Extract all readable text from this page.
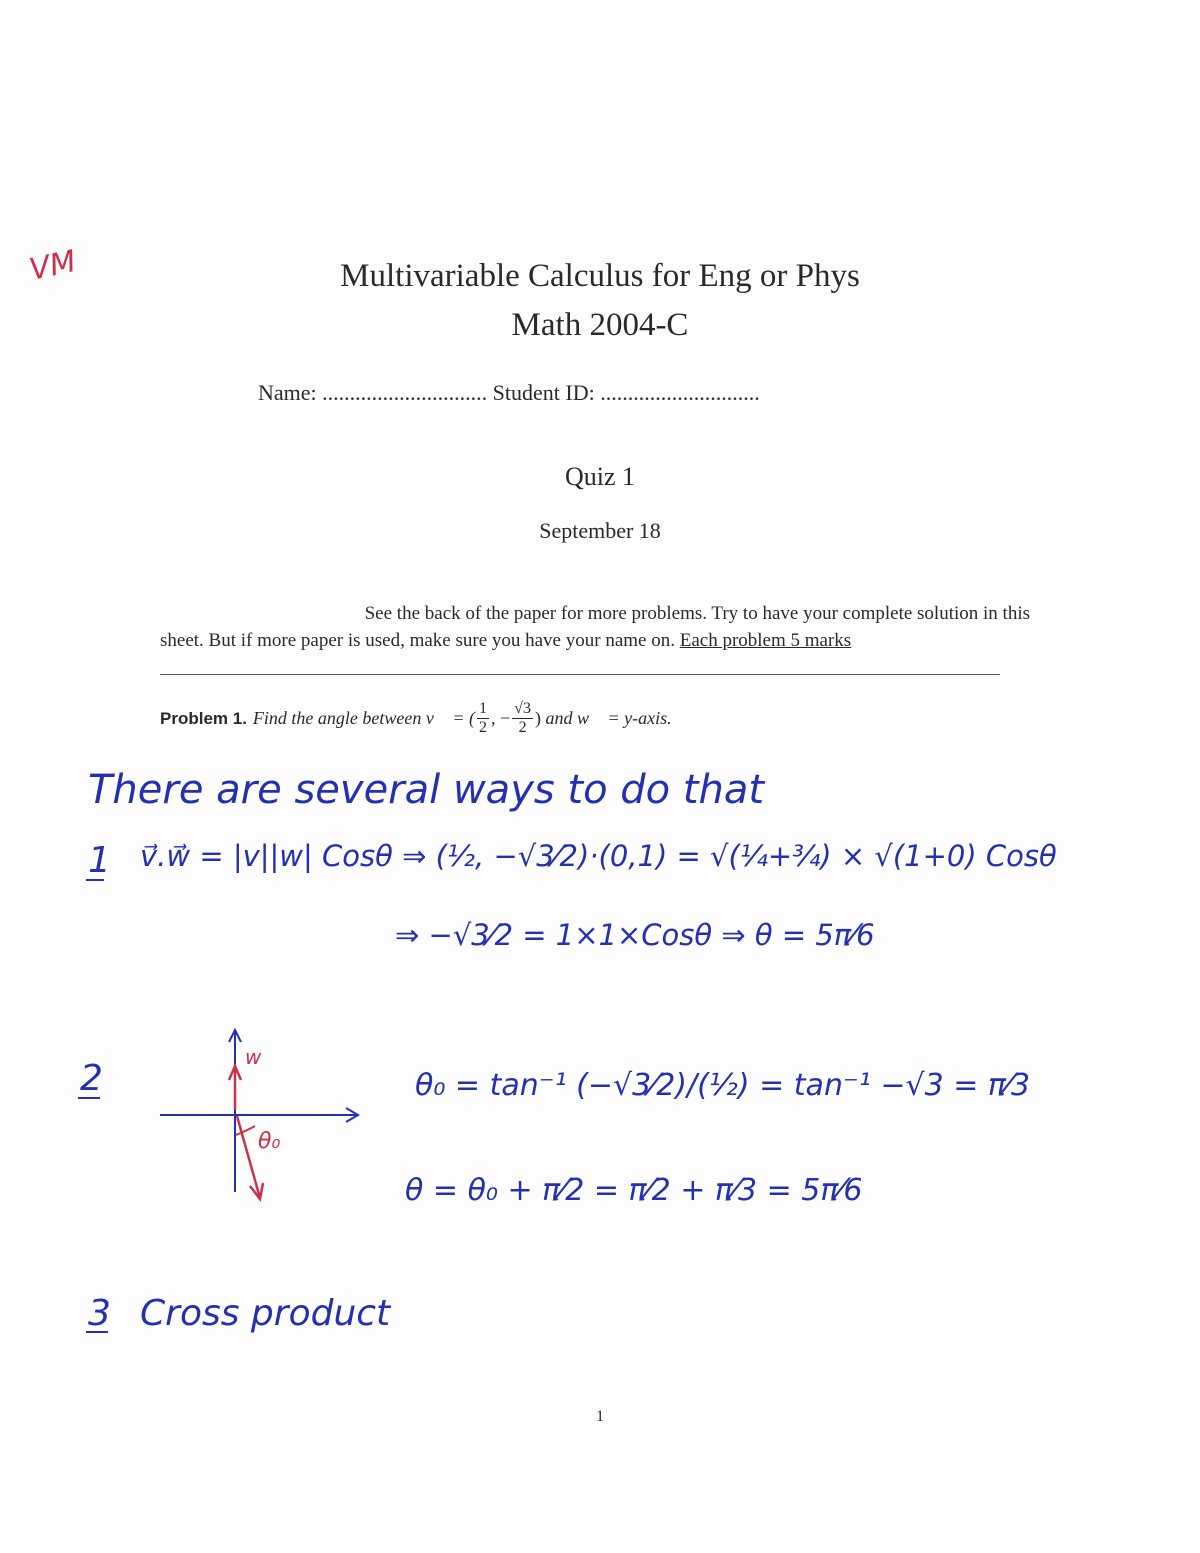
Multivariable Calculus for Eng or Phys
Math 2004-C
Name: .............................. Student ID: .............................
Quiz 1
September 18
See the back of the paper for more problems. Try to have your complete solution in this
sheet. But if more paper is used, make sure you have your name on. Each problem 5 marks
Problem 1. Find the angle between
v⃗ = ( $\frac{1}{2}$ , − $\frac{√3}{2}$ )
and
w⃗ = y-axis.
VM
There are several ways to do that
1 v⃗.w⃗ = |v||w| Cosθ ⇒ (½, −√3⁄2)·(0,1) = √(¼+¾) × √(1+0) Cosθ
⇒ −√3⁄2 = 1×1×Cosθ ⇒ θ = 5π⁄6
2
w
θ₀
θ₀ = tan⁻¹ (−√3⁄2)/(½) = tan⁻¹ −√3 = π⁄3
θ = θ₀ + π⁄2 = π⁄2 + π⁄3 = 5π⁄6
3 Cross product
1
